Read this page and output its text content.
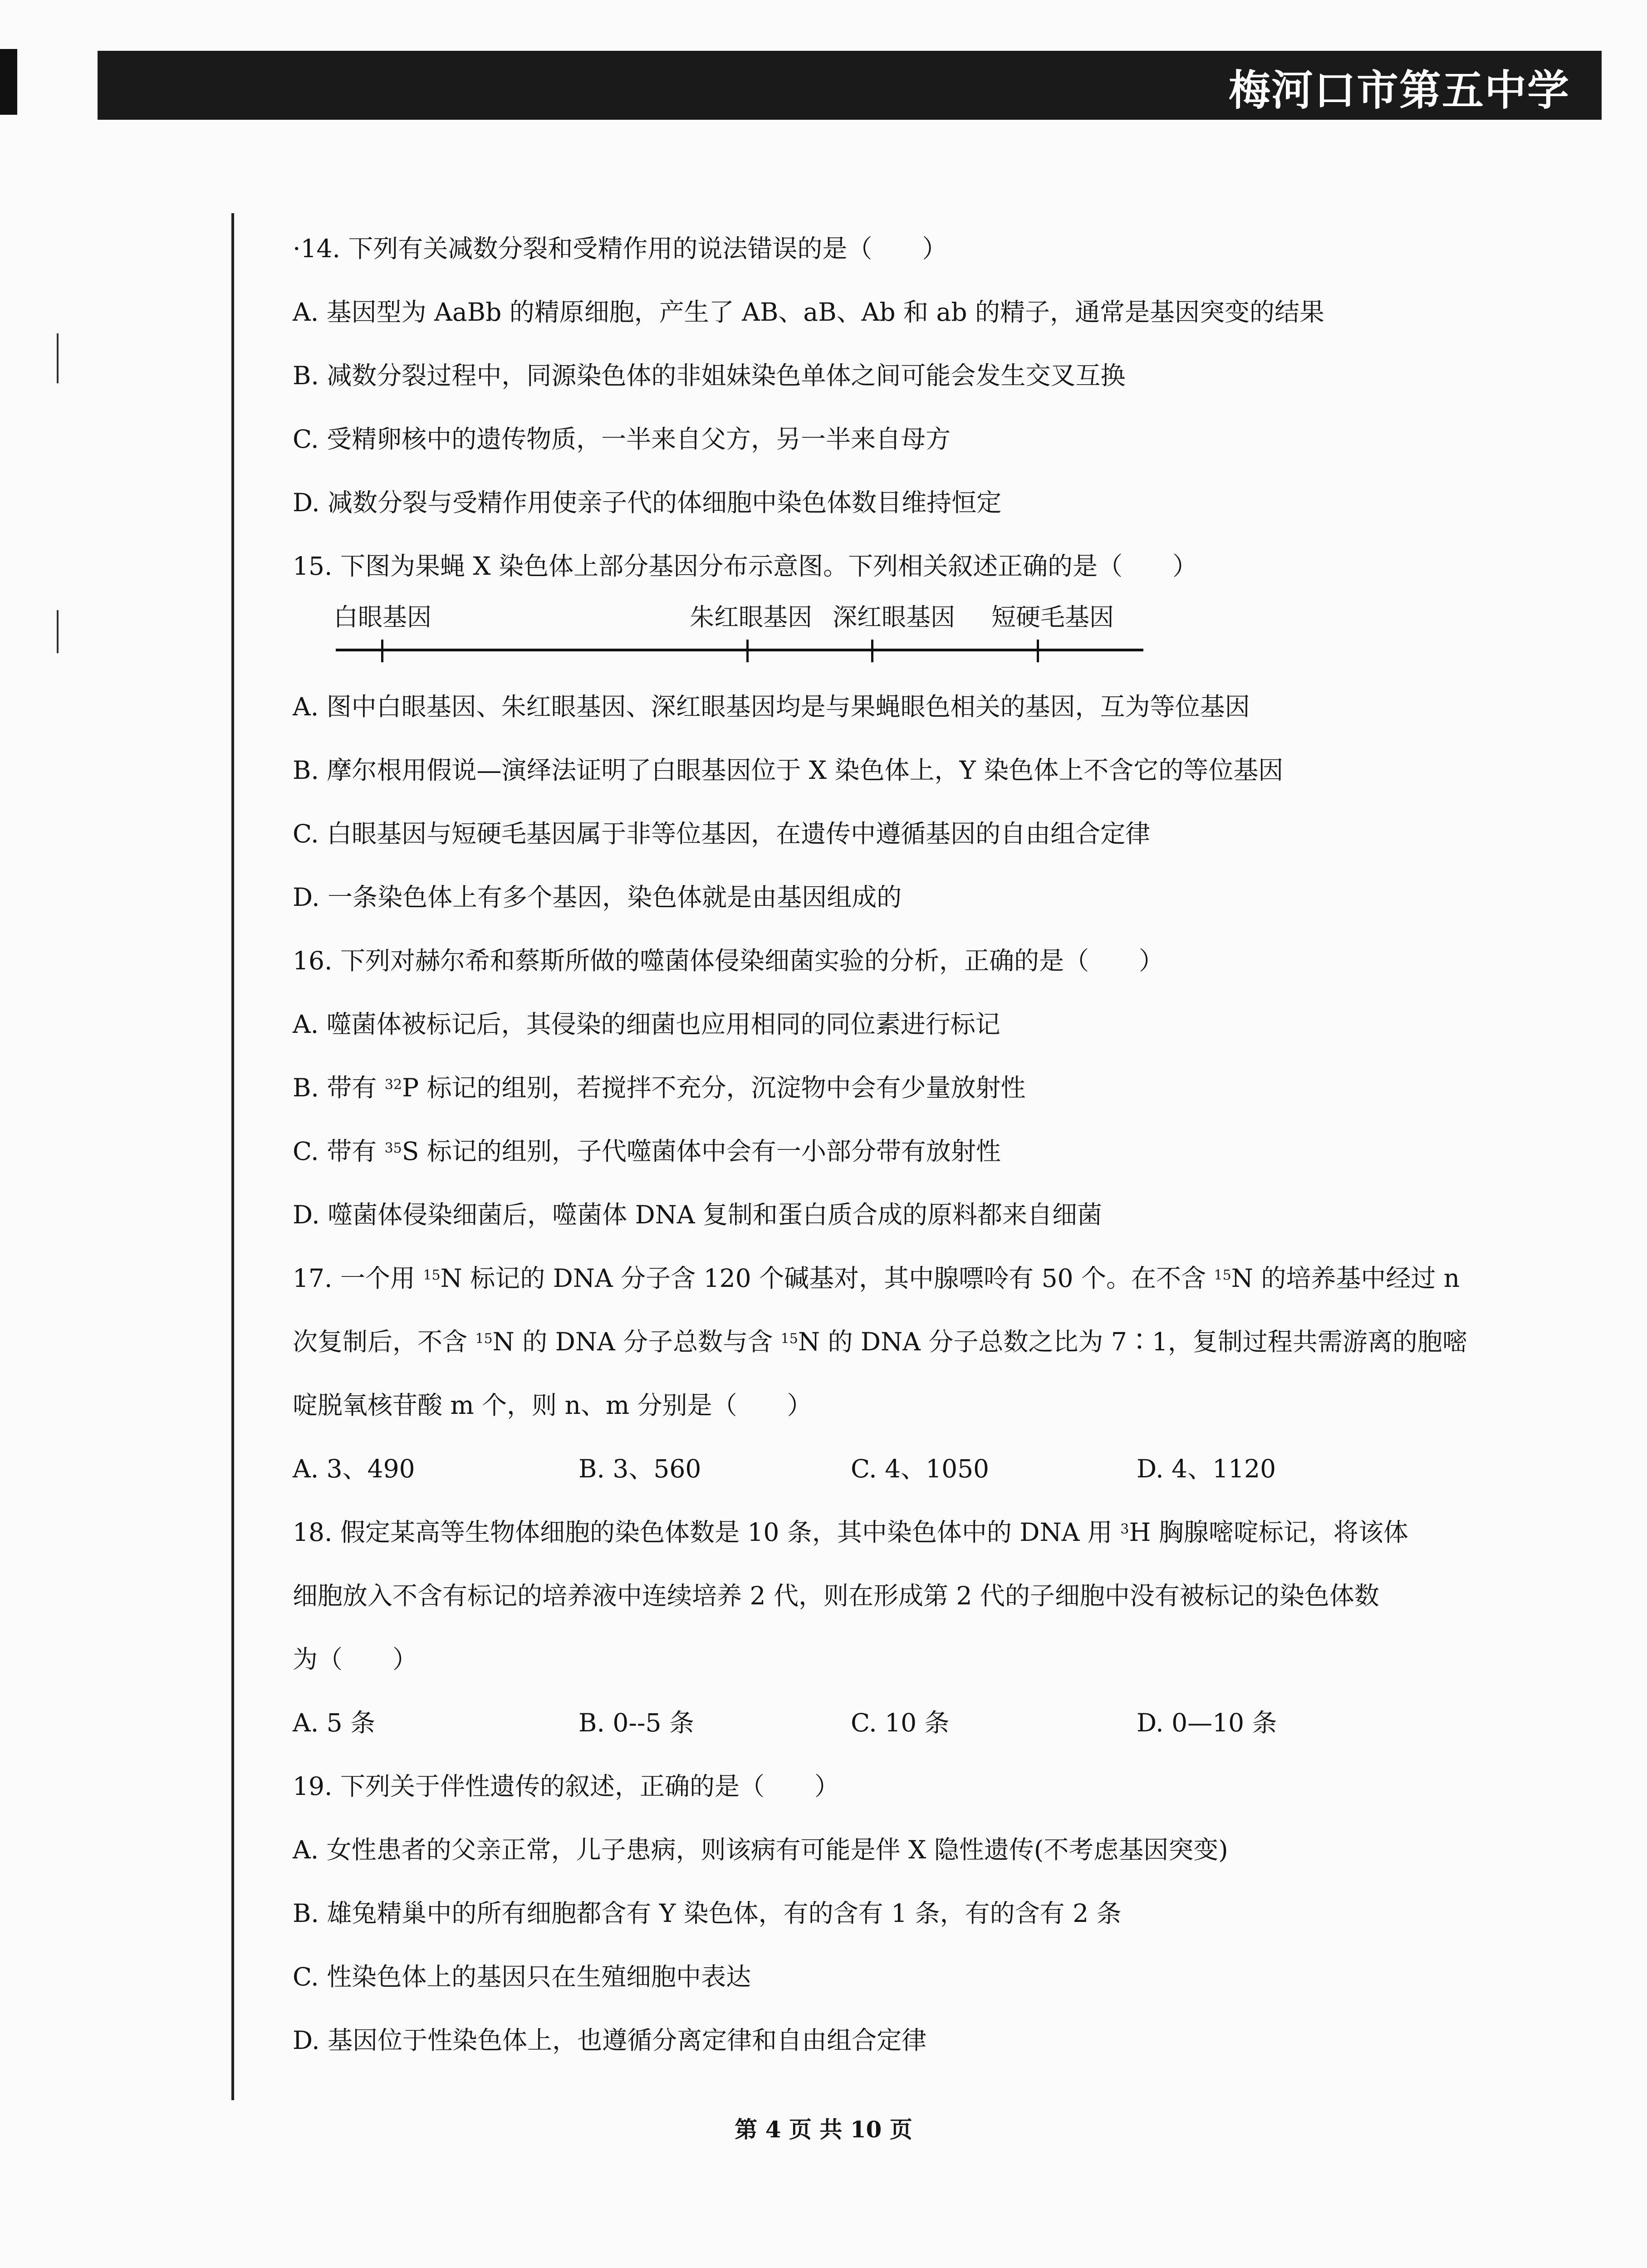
梅河口市第五中学
·14. 下列有关减数分裂和受精作用的说法错误的是（　　）
A. 基因型为 AaBb 的精原细胞，产生了 AB、aB、Ab 和 ab 的精子，通常是基因突变的结果
B. 减数分裂过程中，同源染色体的非姐妹染色单体之间可能会发生交叉互换
C. 受精卵核中的遗传物质，一半来自父方，另一半来自母方
D. 减数分裂与受精作用使亲子代的体细胞中染色体数目维持恒定
15. 下图为果蝇 X 染色体上部分基因分布示意图。下列相关叙述正确的是（　　）
白眼基因	朱红眼基因 深红眼基因 短硬毛基因
A. 图中白眼基因、朱红眼基因、深红眼基因均是与果蝇眼色相关的基因，互为等位基因
B. 摩尔根用假说—演绎法证明了白眼基因位于 X 染色体上，Y 染色体上不含它的等位基因
C. 白眼基因与短硬毛基因属于非等位基因，在遗传中遵循基因的自由组合定律
D. 一条染色体上有多个基因，染色体就是由基因组成的
16. 下列对赫尔希和蔡斯所做的噬菌体侵染细菌实验的分析，正确的是（　　）
A. 噬菌体被标记后，其侵染的细菌也应用相同的同位素进行标记
B. 带有 $^{32}$P 标记的组别，若搅拌不充分，沉淀物中会有少量放射性
C. 带有 $^{35}$S 标记的组别，子代噬菌体中会有一小部分带有放射性
D. 噬菌体侵染细菌后，噬菌体 DNA 复制和蛋白质合成的原料都来自细菌
17. 一个用 $^{15}$N 标记的 DNA 分子含 120 个碱基对，其中腺嘌呤有 50 个。在不含 $^{15}$N 的培养基中经过 n
次复制后，不含 $^{15}$N 的 DNA 分子总数与含 $^{15}$N 的 DNA 分子总数之比为 7∶1，复制过程共需游离的胞嘧
啶脱氧核苷酸 m 个，则 n、m 分别是（　　）
A. 3、490	B. 3、560	C. 4、1050	D. 4、1120
18. 假定某高等生物体细胞的染色体数是 10 条，其中染色体中的 DNA 用 $^3$H 胸腺嘧啶标记，将该体
细胞放入不含有标记的培养液中连续培养 2 代，则在形成第 2 代的子细胞中没有被标记的染色体数
为（　　）
A. 5 条	B. 0--5 条	C. 10 条	D. 0—10 条
19. 下列关于伴性遗传的叙述，正确的是（　　）
A. 女性患者的父亲正常，儿子患病，则该病有可能是伴 X 隐性遗传(不考虑基因突变)
B. 雄兔精巢中的所有细胞都含有 Y 染色体，有的含有 1 条，有的含有 2 条
C. 性染色体上的基因只在生殖细胞中表达
D. 基因位于性染色体上，也遵循分离定律和自由组合定律
第 4 页 共 10 页
